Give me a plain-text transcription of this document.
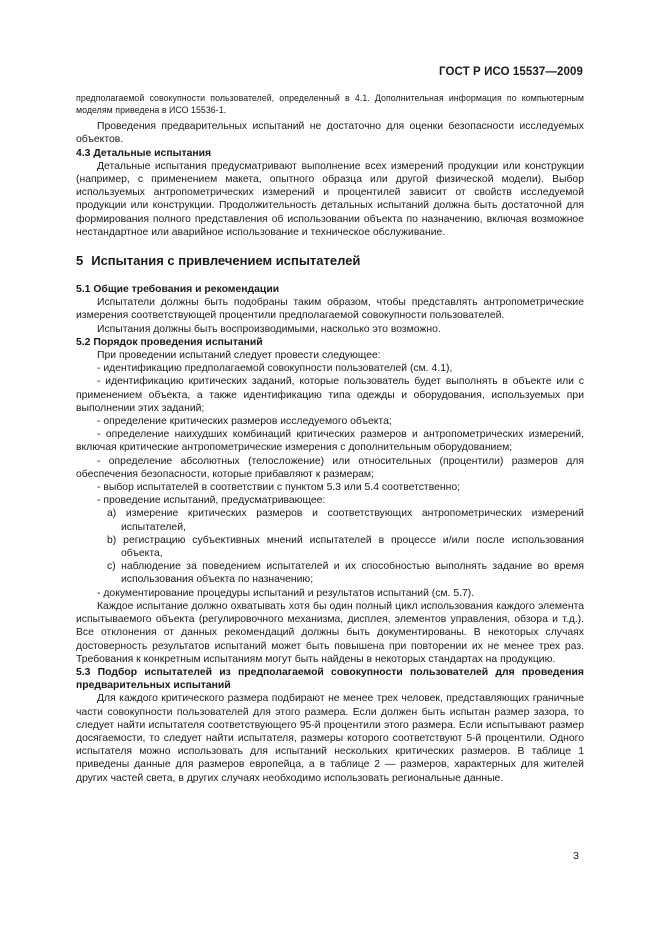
ГОСТ Р ИСО 15537—2009

предполагаемой совокупности пользователей, определенный в 4.1. Дополнительная информация по компьютерным моделям приведена в ИСО 15536-1.

Проведения предварительных испытаний не достаточно для оценки безопасности исследуемых объектов.

4.3 Детальные испытания

Детальные испытания предусматривают выполнение всех измерений продукции или конструкции (например, с применением макета, опытного образца или другой физической модели). Выбор используемых антропометрических измерений и процентилей зависит от свойств исследуемой продукции или конструкции. Продолжительность детальных испытаний должна быть достаточной для формирования полного представления об использовании объекта по назначению, включая возможное нестандартное или аварийное использование и техническое обслуживание.

5 Испытания с привлечением испытателей

5.1 Общие требования и рекомендации

Испытатели должны быть подобраны таким образом, чтобы представлять антропометрические измерения соответствующей процентили предполагаемой совокупности пользователей.

Испытания должны быть воспроизводимыми, насколько это возможно.

5.2 Порядок проведения испытаний

При проведении испытаний следует провести следующее:

- идентификацию предполагаемой совокупности пользователей (см. 4.1),

- идентификацию критических заданий, которые пользователь будет выполнять в объекте или с применением объекта, а также идентификацию типа одежды и оборудования, используемых при выполнении этих заданий;

- определение критических размеров исследуемого объекта;

- определение наихудших комбинаций критических размеров и антропометрических измерений, включая критические антропометрические измерения с дополнительным оборудованием;

- определение абсолютных (телосложение) или относительных (процентили) размеров для обеспечения безопасности, которые прибавляют к размерам;

- выбор испытателей в соответствии с пунктом 5.3 или 5.4 соответственно;

- проведение испытаний, предусматривающее:

a) измерение критических размеров и соответствующих антропометрических измерений испытателей,

b) регистрацию субъективных мнений испытателей в процессе и/или после использования объекта,

c) наблюдение за поведением испытателей и их способностью выполнять задание во время использования объекта по назначению;

- документирование процедуры испытаний и результатов испытаний (см. 5.7).

Каждое испытание должно охватывать хотя бы один полный цикл использования каждого элемента испытываемого объекта (регулировочного механизма, дисплея, элементов управления, обзора и т.д.). Все отклонения от данных рекомендаций должны быть документированы. В некоторых случаях достоверность результатов испытаний может быть повышена при повторении их не менее трех раз. Требования к конкретным испытаниям могут быть найдены в некоторых стандартах на продукцию.

5.3 Подбор испытателей из предполагаемой совокупности пользователей для проведения предварительных испытаний

Для каждого критического размера подбирают не менее трех человек, представляющих граничные части совокупности пользователей для этого размера. Если должен быть испытан размер зазора, то следует найти испытателя соответствующего 95-й процентили этого размера. Если испытывают размер досягаемости, то следует найти испытателя, размеры которого соответствуют 5-й процентили. Одного испытателя можно использовать для испытаний нескольких критических размеров. В таблице 1 приведены данные для размеров европейца, а в таблице 2 — размеров, характерных для жителей других частей света, в других случаях необходимо использовать региональные данные.

3
